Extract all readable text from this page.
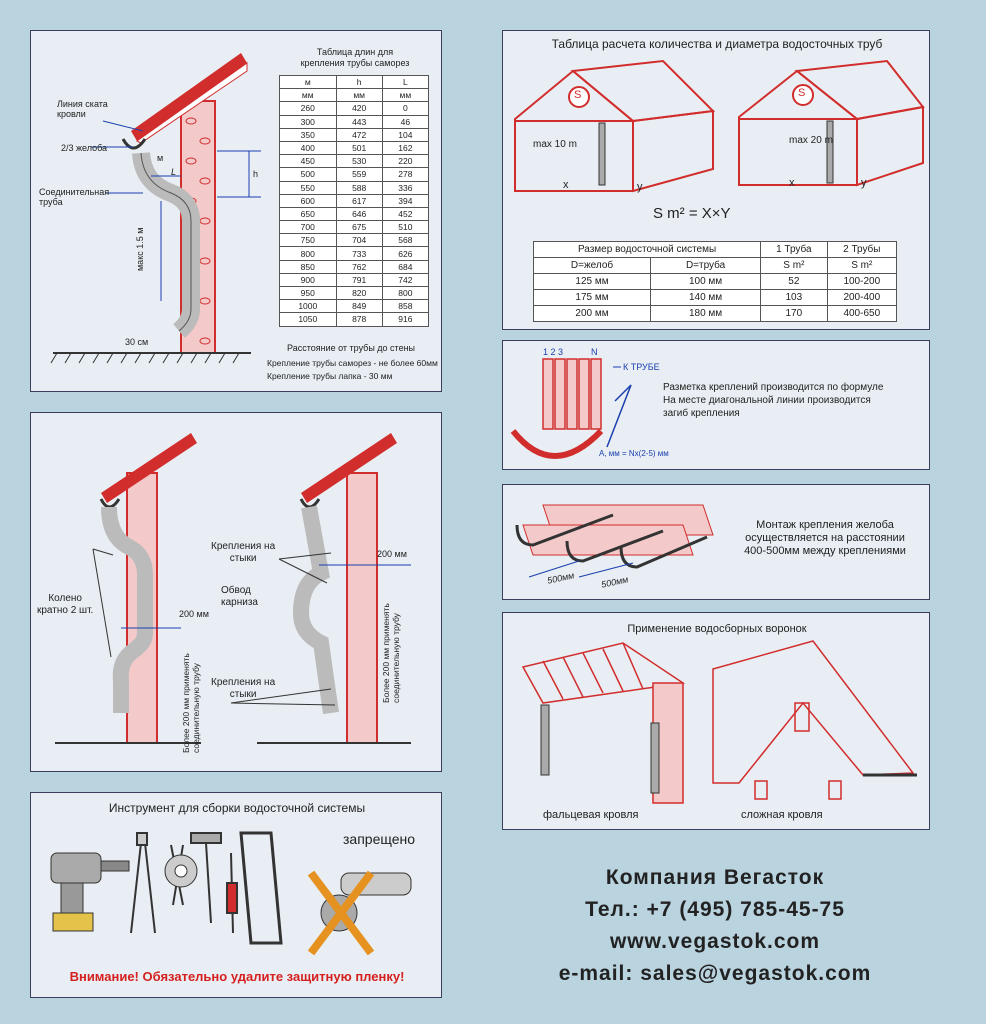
Линия ската
кровли
2/3 желоба
м
L	h
Соединительная
труба
макс 1.5 м
30 см
Таблица длин для
крепления трубы саморез
м	h	L
мм	мм	мм
260	420	0
300	443	46
350	472	104
400	501	162
450	530	220
500	559	278
550	588	336
600	617	394
650	646	452
700	675	510
750	704	568
800	733	626
850	762	684
900	791	742
950	820	800
1000	849	858
1050	878	916
Расстояние от трубы до стены
Крепление трубы саморез - не более 60мм
Крепление трубы лапка - 30 мм
Колено
кратно 2 шт.	200 мм
Более 200 мм применять
соединительную трубу
Крепления на
стыки
Обвод
карниза
Крепления на
стыки
200 мм
Более 200 мм применять
соединительную трубу
Инструмент для сборки водосточной системы
запрещено
Внимание! Обязательно удалите защитную пленку!
Таблица расчета количества и диаметра водосточных труб
max 10 m	max 20 m
S	S
x	y	x	y
S m² = X×Y
Размер водосточной системы		1 Труба	2 Трубы
D=желоб	D=труба	S m²	S m²
125 мм	100 мм	52	100-200
175 мм	140 мм	103	200-400
200 мм	180 мм	170	400-650
1 2 3	N
К ТРУБЕ
А, мм = Nx(2-5) мм
Разметка креплений производится по формуле
На месте диагональной линии производится
загиб крепления
Монтаж крепления желоба
осуществляется на расстоянии
400-500мм между креплениями
500мм	500мм
Применение водосборных воронок
фальцевая кровля	сложная кровля
Компания Вегасток
Тел.: +7 (495) 785-45-75
www.vegastok.com
e-mail: sales@vegastok.com
